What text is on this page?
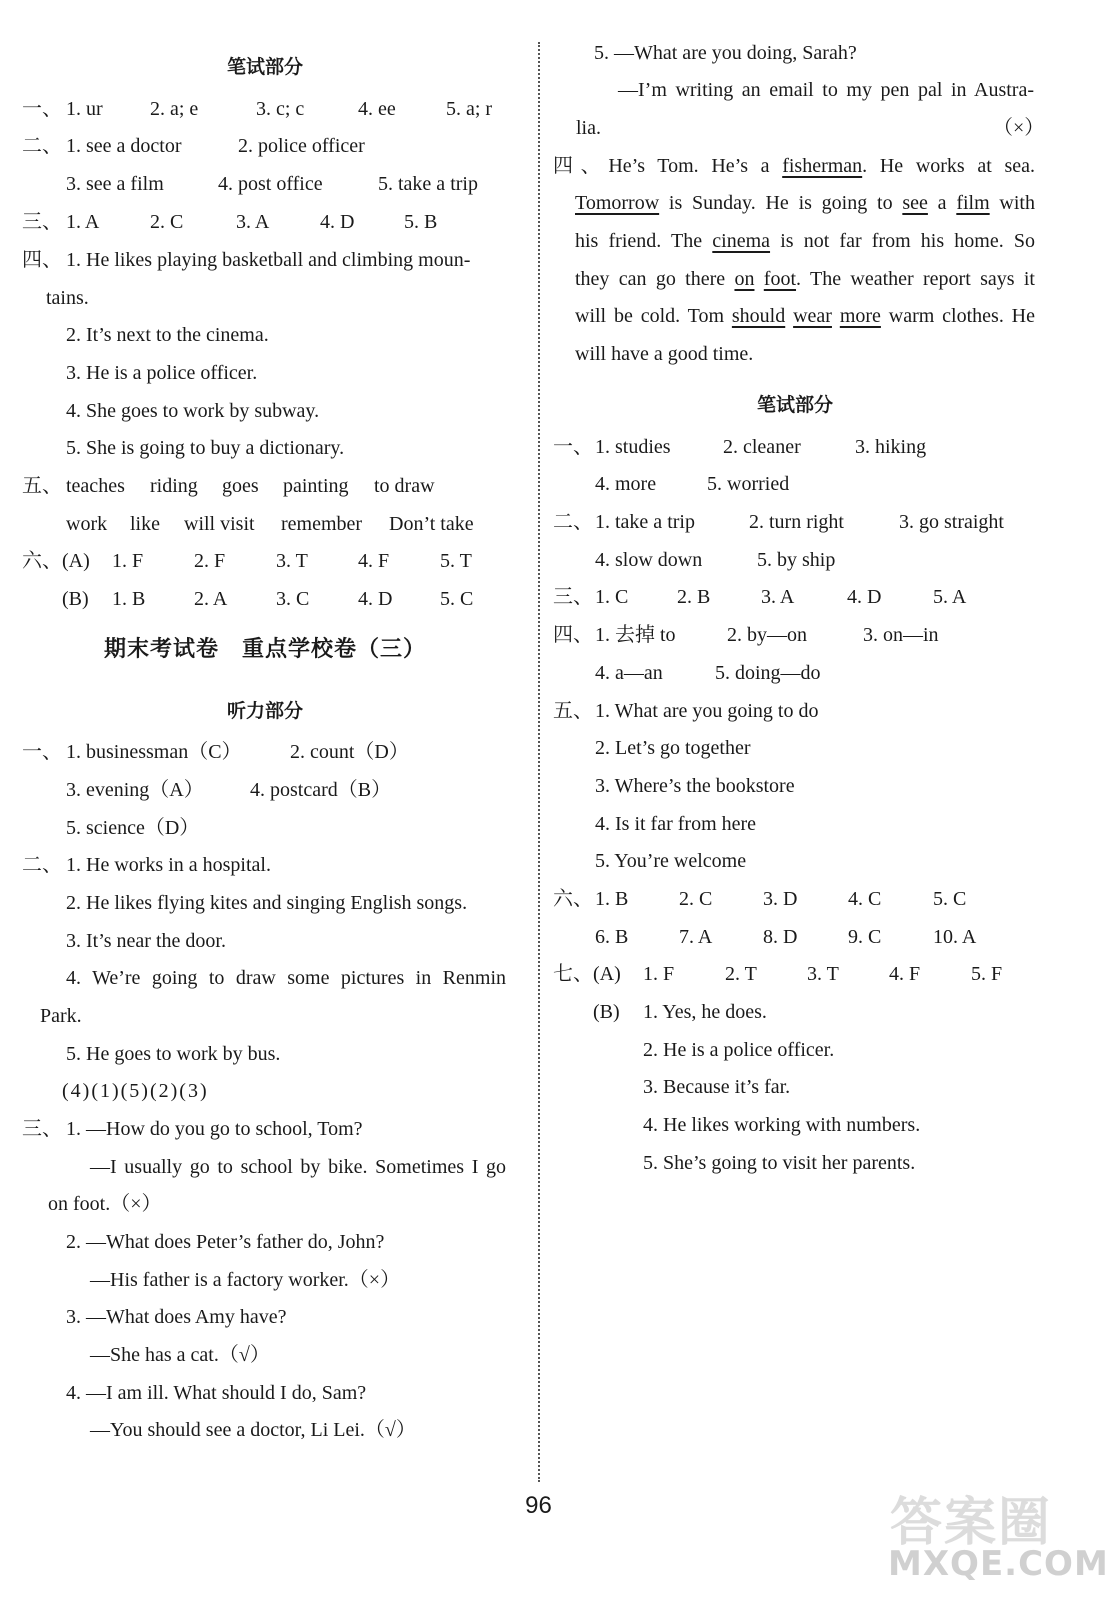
笔试部分
一、 1. ur 2. a; e	3. c; c	4. ee	5. a; r
二、 1. see a doctor	2. police officer
3. see a film	4. post office	5. take a trip
三、 1. A	2. C	3. A	4. D 5. B
四、 1. He likes playing basketball and climbing moun-
tains.
2. It’s next to the cinema.
3. He is a police officer.
4. She goes to work by subway.
5. She is going to buy a dictionary.
五、 teaches riding goes painting to draw
work like will visit remember Don’t take
六、 (A) 1. F	2. F	3. T	4. F	5. T
(B) 1. B 2. A 3. C 4. D 5. C
期末考试卷　重点学校卷（三）
听力部分
一、 1. businessman（C） 2. count（D）
3. evening（A） 4. postcard（B）
5. science（D）
二、 1. He works in a hospital.
2. He likes flying kites and singing English songs.
3. It’s near the door.
4. We’re going to draw some pictures in Renmin
Park.
5. He goes to work by bus.
(4)(1)(5)(2)(3)
三、 1. —How do you go to school, Tom?
—I usually go to school by bike. Sometimes I go
on foot.（×）
2. —What does Peter’s father do, John?
—His father is a factory worker.（×）
3. —What does Amy have?
—She has a cat.（√）
4. —I am ill. What should I do, Sam?
—You should see a doctor, Li Lei.（√）
5. —What are you doing, Sarah?
—I’m writing an email to my pen pal in Austra-
lia.	（×）
四、He’s Tom. He’s a fisherman. He works at sea.
Tomorrow is Sunday. He is going to see a film with
his friend. The cinema is not far from his home. So
they can go there on foot. The weather report says it
will be cold. Tom should wear more warm clothes. He
will have a good time.
笔试部分
一、 1. studies	2. cleaner	3. hiking
4. more	5. worried
二、 1. take a trip	2. turn right	3. go straight
4. slow down	5. by ship
三、 1. C 2. B	3. A	4. D	5. A
四、 1. 去掉 to	2. by—on	3. on—in
4. a—an	5. doing—do
五、 1. What are you going to do
2. Let’s go together
3. Where’s the bookstore
4. Is it far from here
5. You’re welcome
六、 1. B	2. C	3. D	4. C	5. C
6. B	7. A	8. D	9. C	10. A
七、 (A) 1. F	2. T	3. T	4. F	5. F
(B) 1. Yes, he does.
2. He is a police officer.
3. Because it’s far.
4. He likes working with numbers.
5. She’s going to visit her parents.
96	答案圈
MXQE.COM
